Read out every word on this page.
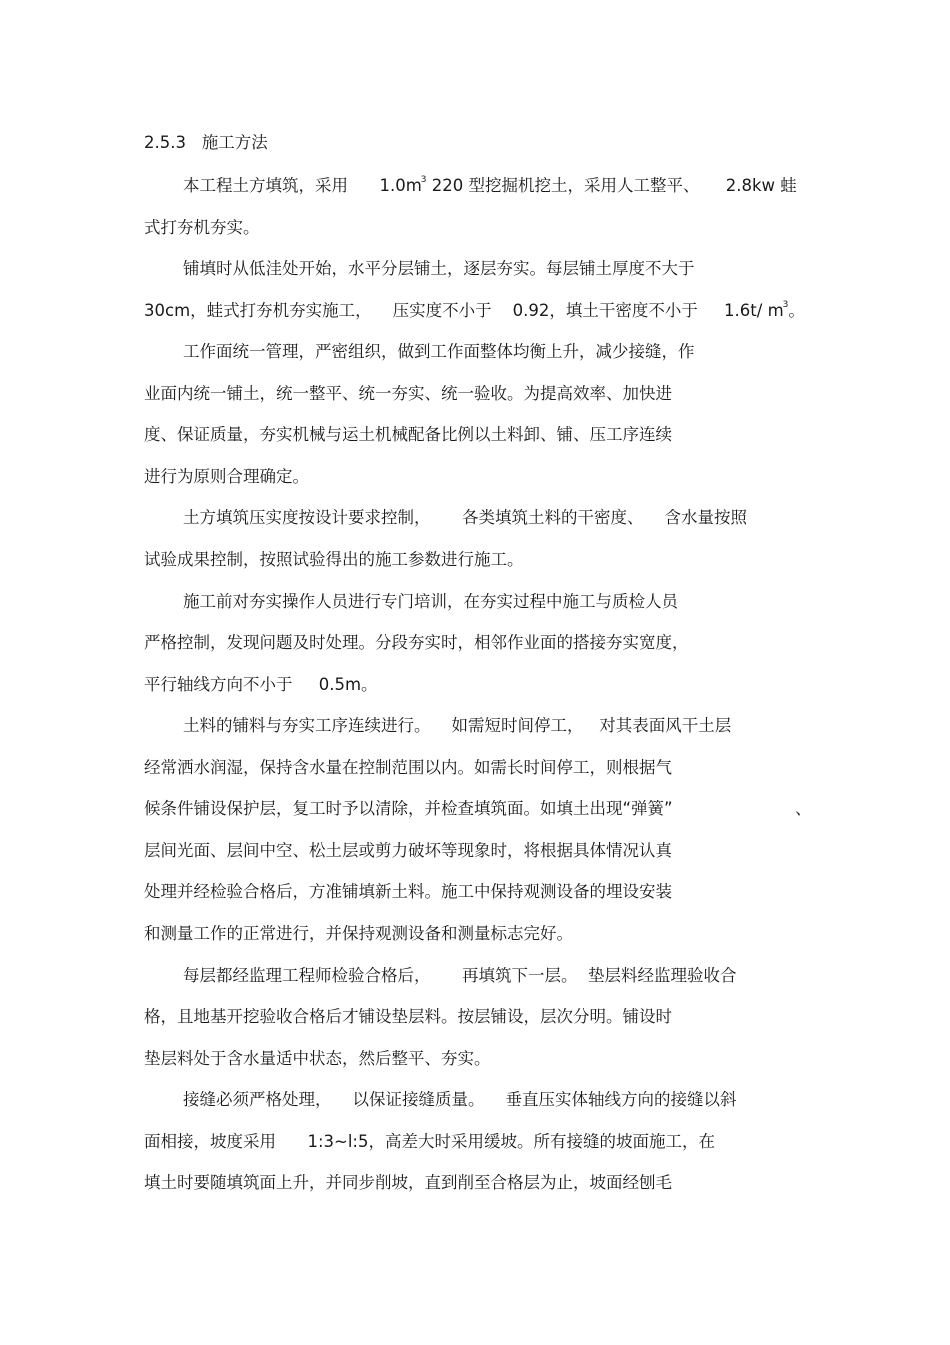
2.5.3   施工方法
本工程土方填筑，采用      $1.0m^3$ 220 型挖掘机挖土，采用人工整平、     2.8kw 蛙
式打夯机夯实。
铺填时从低洼处开始，水平分层铺土，逐层夯实。每层铺土厚度不大于
30cm，蛙式打夯机夯实施工，    压实度不小于    0.92，填土干密度不小于     1.6t/ $m^3$。
工作面统一管理，严密组织，做到工作面整体均衡上升，减少接缝，作
业面内统一铺土，统一整平、统一夯实、统一验收。为提高效率、加快进
度、保证质量，夯实机械与运土机械配备比例以土料卸、铺、压工序连续
进行为原则合理确定。
土方填筑压实度按设计要求控制，      各类填筑土料的干密度、    含水量按照
试验成果控制，按照试验得出的施工参数进行施工。
施工前对夯实操作人员进行专门培训，在夯实过程中施工与质检人员
严格控制，发现问题及时处理。分段夯实时，相邻作业面的搭接夯实宽度，
平行轴线方向不小于     0.5m。
土料的铺料与夯实工序连续进行。    如需短时间停工，   对其表面风干土层
经常洒水润湿，保持含水量在控制范围以内。如需长时间停工，则根据气
候条件铺设保护层，复工时予以清除，并检查填筑面。如填土出现“弹簧”	、
层间光面、层间中空、松土层或剪力破坏等现象时，将根据具体情况认真
处理并经检验合格后，方准铺填新土料。施工中保持观测设备的埋设安装
和测量工作的正常进行，并保持观测设备和测量标志完好。
每层都经监理工程师检验合格后，      再填筑下一层。  垫层料经监理验收合
格，且地基开挖验收合格后才铺设垫层料。按层铺设，层次分明。铺设时
垫层料处于含水量适中状态，然后整平、夯实。
接缝必须严格处理，    以保证接缝质量。    垂直压实体轴线方向的接缝以斜
面相接，坡度采用      1:3~l:5，高差大时采用缓坡。所有接缝的坡面施工，在
填土时要随填筑面上升，并同步削坡，直到削至合格层为止，坡面经刨毛
